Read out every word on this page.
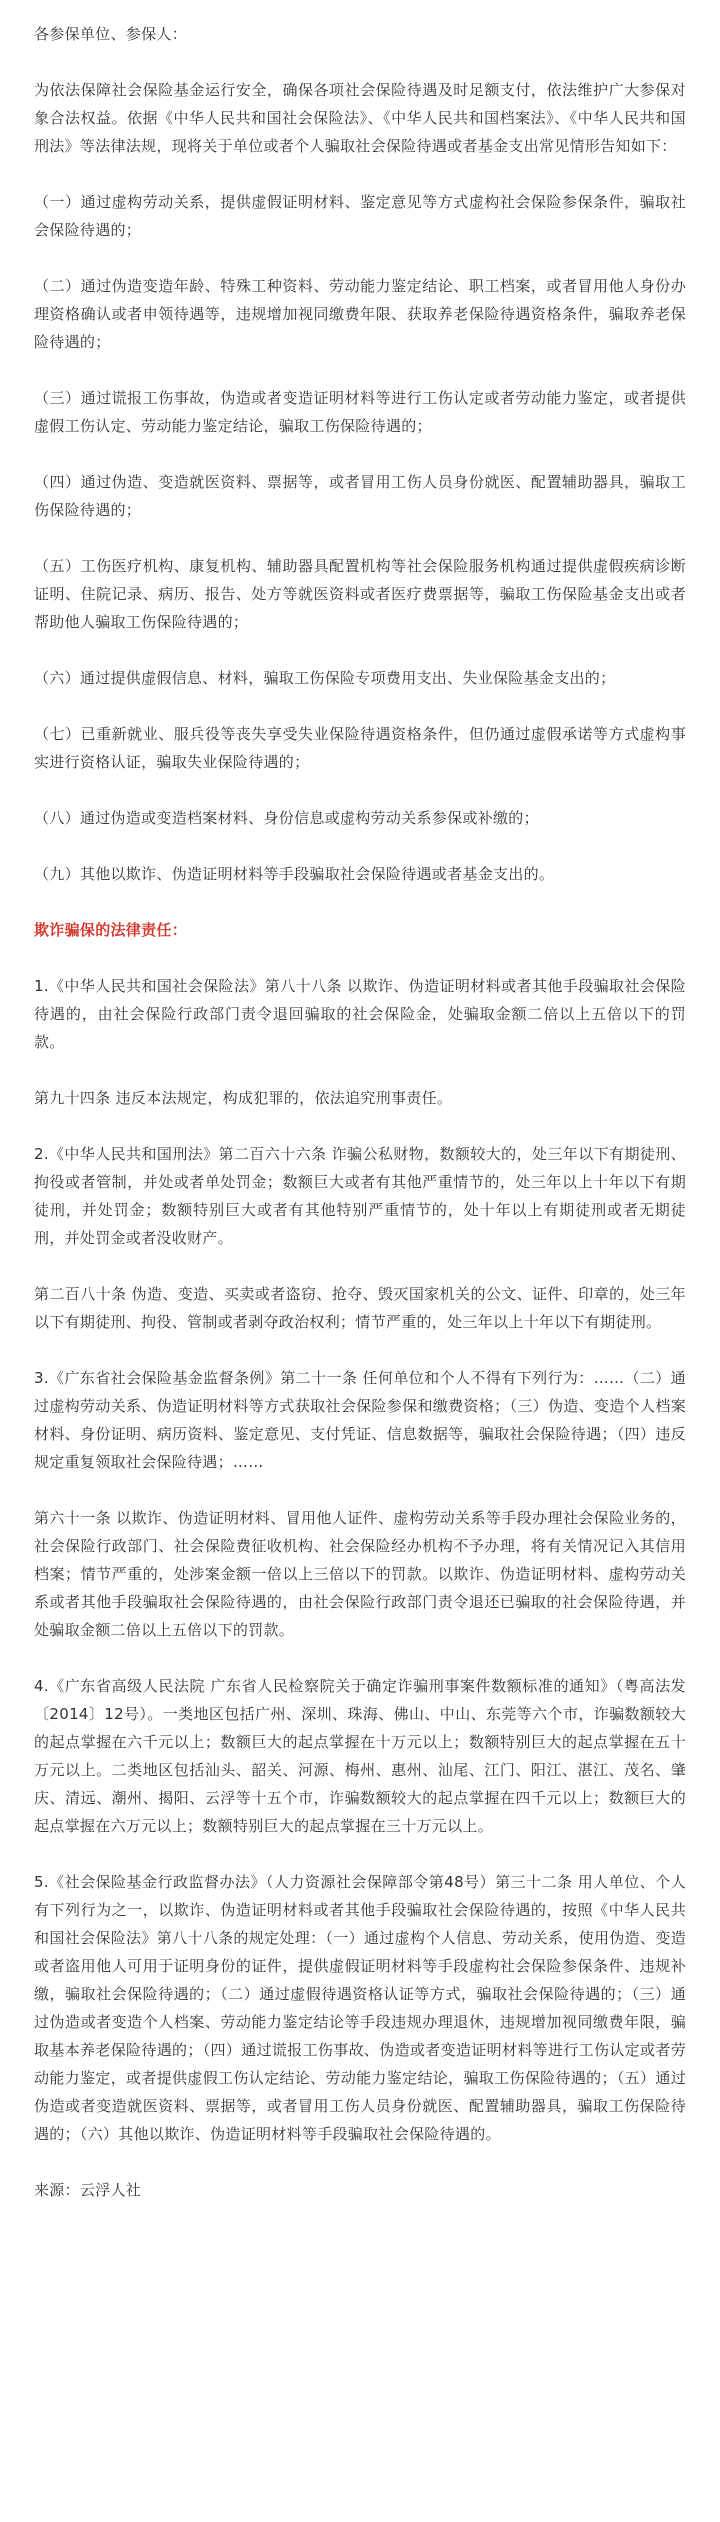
各参保单位、参保人：

为依法保障社会保险基金运行安全，确保各项社会保险待遇及时足额支付，依法维护广大参保对象合法权益。依据《中华人民共和国社会保险法》、《中华人民共和国档案法》、《中华人民共和国刑法》等法律法规，现将关于单位或者个人骗取社会保险待遇或者基金支出常见情形告知如下：

（一）通过虚构劳动关系，提供虚假证明材料、鉴定意见等方式虚构社会保险参保条件，骗取社会保险待遇的；

（二）通过伪造变造年龄、特殊工种资料、劳动能力鉴定结论、职工档案，或者冒用他人身份办理资格确认或者申领待遇等，违规增加视同缴费年限、获取养老保险待遇资格条件，骗取养老保险待遇的；

（三）通过谎报工伤事故，伪造或者变造证明材料等进行工伤认定或者劳动能力鉴定，或者提供虚假工伤认定、劳动能力鉴定结论，骗取工伤保险待遇的；

（四）通过伪造、变造就医资料、票据等，或者冒用工伤人员身份就医、配置辅助器具，骗取工伤保险待遇的；

（五）工伤医疗机构、康复机构、辅助器具配置机构等社会保险服务机构通过提供虚假疾病诊断证明、住院记录、病历、报告、处方等就医资料或者医疗费票据等，骗取工伤保险基金支出或者帮助他人骗取工伤保险待遇的；

（六）通过提供虚假信息、材料，骗取工伤保险专项费用支出、失业保险基金支出的；

（七）已重新就业、服兵役等丧失享受失业保险待遇资格条件，但仍通过虚假承诺等方式虚构事实进行资格认证，骗取失业保险待遇的；

（八）通过伪造或变造档案材料、身份信息或虚构劳动关系参保或补缴的；

（九）其他以欺诈、伪造证明材料等手段骗取社会保险待遇或者基金支出的。

欺诈骗保的法律责任：

1.《中华人民共和国社会保险法》第八十八条 以欺诈、伪造证明材料或者其他手段骗取社会保险待遇的，由社会保险行政部门责令退回骗取的社会保险金，处骗取金额二倍以上五倍以下的罚款。

第九十四条 违反本法规定，构成犯罪的，依法追究刑事责任。

2.《中华人民共和国刑法》第二百六十六条 诈骗公私财物，数额较大的，处三年以下有期徒刑、拘役或者管制，并处或者单处罚金；数额巨大或者有其他严重情节的，处三年以上十年以下有期徒刑，并处罚金；数额特别巨大或者有其他特别严重情节的，处十年以上有期徒刑或者无期徒刑，并处罚金或者没收财产。

第二百八十条 伪造、变造、买卖或者盗窃、抢夺、毁灭国家机关的公文、证件、印章的，处三年以下有期徒刑、拘役、管制或者剥夺政治权利；情节严重的，处三年以上十年以下有期徒刑。

3.《广东省社会保险基金监督条例》第二十一条 任何单位和个人不得有下列行为：……（二）通过虚构劳动关系、伪造证明材料等方式获取社会保险参保和缴费资格；（三）伪造、变造个人档案材料、身份证明、病历资料、鉴定意见、支付凭证、信息数据等，骗取社会保险待遇；（四）违反规定重复领取社会保险待遇；……

第六十一条 以欺诈、伪造证明材料、冒用他人证件、虚构劳动关系等手段办理社会保险业务的，社会保险行政部门、社会保险费征收机构、社会保险经办机构不予办理，将有关情况记入其信用档案；情节严重的，处涉案金额一倍以上三倍以下的罚款。以欺诈、伪造证明材料、虚构劳动关系或者其他手段骗取社会保险待遇的，由社会保险行政部门责令退还已骗取的社会保险待遇，并处骗取金额二倍以上五倍以下的罚款。

4.《广东省高级人民法院 广东省人民检察院关于确定诈骗刑事案件数额标准的通知》（粤高法发〔2014〕12号）。一类地区包括广州、深圳、珠海、佛山、中山、东莞等六个市，诈骗数额较大的起点掌握在六千元以上；数额巨大的起点掌握在十万元以上；数额特别巨大的起点掌握在五十万元以上。二类地区包括汕头、韶关、河源、梅州、惠州、汕尾、江门、阳江、湛江、茂名、肇庆、清远、潮州、揭阳、云浮等十五个市，诈骗数额较大的起点掌握在四千元以上；数额巨大的起点掌握在六万元以上；数额特别巨大的起点掌握在三十万元以上。

5.《社会保险基金行政监督办法》（人力资源社会保障部令第48号）第三十二条 用人单位、个人有下列行为之一，以欺诈、伪造证明材料或者其他手段骗取社会保险待遇的，按照《中华人民共和国社会保险法》第八十八条的规定处理：（一）通过虚构个人信息、劳动关系，使用伪造、变造或者盗用他人可用于证明身份的证件，提供虚假证明材料等手段虚构社会保险参保条件、违规补缴，骗取社会保险待遇的；（二）通过虚假待遇资格认证等方式，骗取社会保险待遇的；（三）通过伪造或者变造个人档案、劳动能力鉴定结论等手段违规办理退休，违规增加视同缴费年限，骗取基本养老保险待遇的；（四）通过谎报工伤事故、伪造或者变造证明材料等进行工伤认定或者劳动能力鉴定，或者提供虚假工伤认定结论、劳动能力鉴定结论，骗取工伤保险待遇的；（五）通过伪造或者变造就医资料、票据等，或者冒用工伤人员身份就医、配置辅助器具，骗取工伤保险待遇的；（六）其他以欺诈、伪造证明材料等手段骗取社会保险待遇的。

来源：云浮人社
